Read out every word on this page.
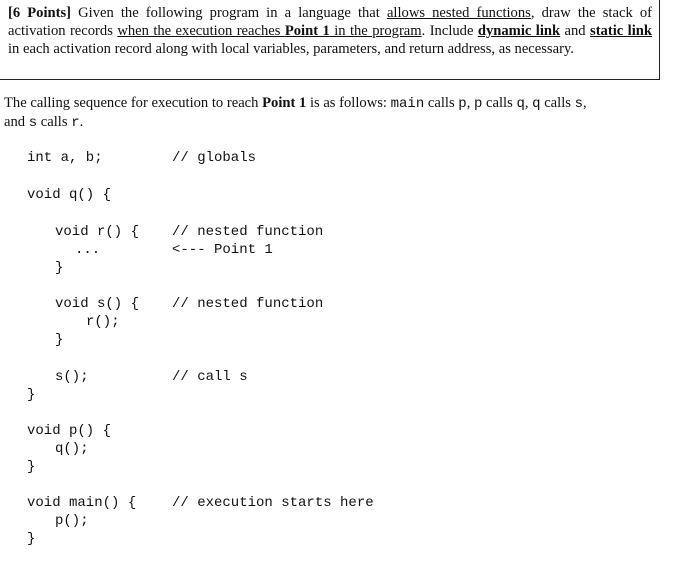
[6 Points] Given the following program in a language that allows nested functions, draw the stack of activation records when the execution reaches Point 1 in the program. Include dynamic link and static link in each activation record along with local variables, parameters, and return address, as necessary.
The calling sequence for execution to reach Point 1 is as follows: main calls p, p calls q, q calls s,
and s calls r.
int a, b;	// globals
void q() {
void r() { // nested function
...	<--- Point 1
}
void s() { // nested function
r();
}
s();	// call s
}
void p() {
q();
}
void main() {	// execution starts here
p();
}
